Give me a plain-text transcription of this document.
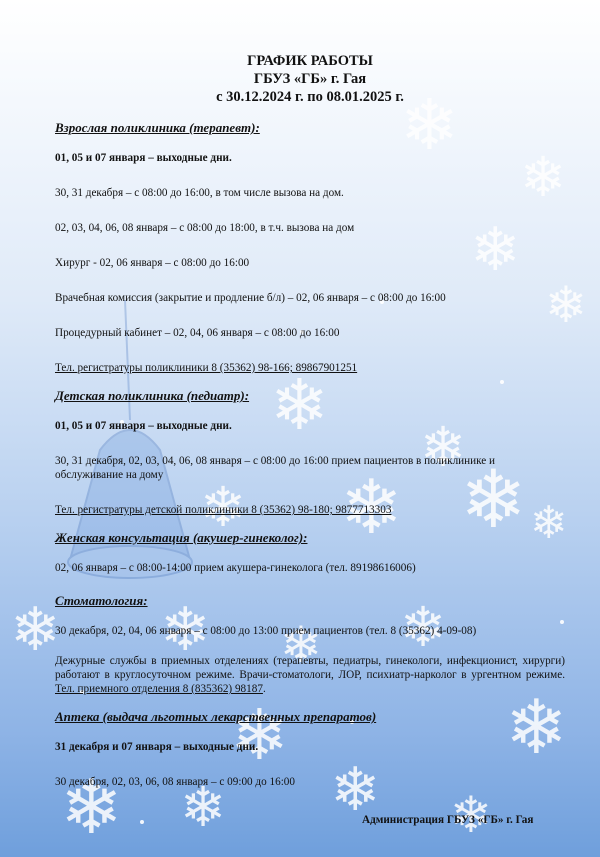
❄
❄
❄
❄
❄
❄
❄ ❄
❄	❄
❄ ❄ ❄ ❄
❄
❄
❄ ❄ ❄ ❄
ГРАФИК РАБОТЫ
ГБУЗ «ГБ» г. Гая
с 30.12.2024 г. по 08.01.2025 г.
Взрослая поликлиника (терапевт):
01, 05 и 07 января – выходные дни.
30, 31 декабря – с 08:00 до 16:00, в том числе вызова на дом.
02, 03, 04, 06, 08 января – с 08:00 до 18:00, в т.ч. вызова на дом
Хирург - 02, 06 января – с 08:00 до 16:00
Врачебная комиссия (закрытие и продление б/л) – 02, 06 января – с 08:00 до 16:00
Процедурный кабинет – 02, 04, 06 января – с 08:00 до 16:00
Тел. регистратуры поликлиники 8 (35362) 98-166; 89867901251
Детская поликлиника (педиатр):
01, 05 и 07 января – выходные дни.
30, 31 декабря, 02, 03, 04, 06, 08 января – с 08:00 до 16:00 прием пациентов в поликлинике и обслуживание на дому
Тел. регистратуры детской поликлиники 8 (35362) 98-180; 9877713303
Женская консультация (акушер-гинеколог):
02, 06 января – с 08:00-14:00 прием акушера-гинеколога (тел. 89198616006)
Стоматология:
30 декабря, 02, 04, 06 января – с 08:00 до 13:00 прием пациентов (тел. 8 (35362) 4-09-08)
Дежурные службы в приемных отделениях (терапевты, педиатры, гинекологи, инфекционист, хирурги) работают в круглосуточном режиме. Врачи-стоматологи, ЛОР, психиатр-нарколог в ургентном режиме. Тел. приемного отделения 8 (835362) 98187.
Аптека (выдача льготных лекарственных препаратов)
31 декабря и 07 января – выходные дни.
30 декабря, 02, 03, 06, 08 января – с 09:00 до 16:00
Администрация ГБУЗ «ГБ» г. Гая
